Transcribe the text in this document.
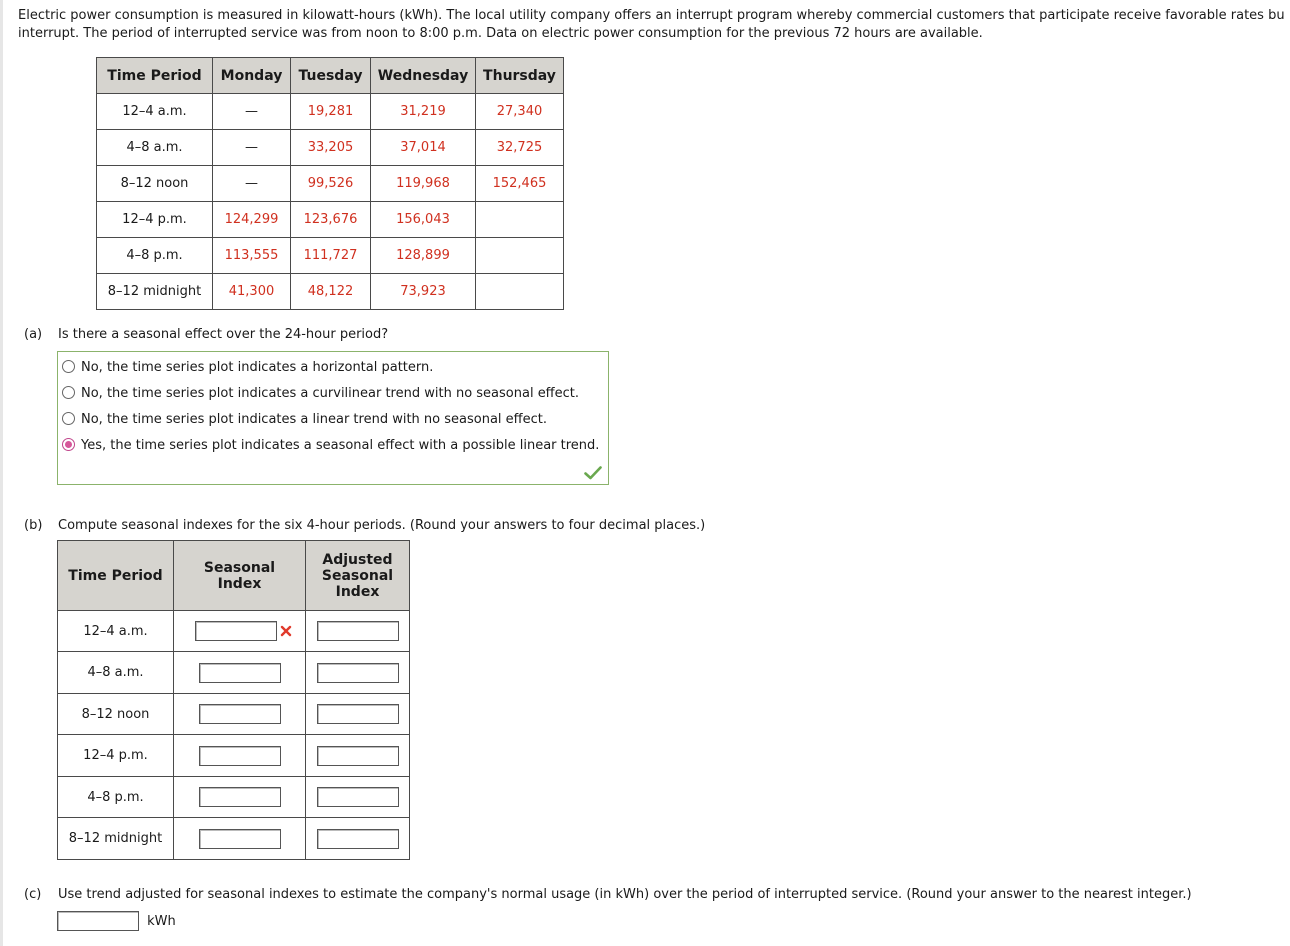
Electric power consumption is measured in kilowatt-hours (kWh). The local utility company offers an interrupt program whereby commercial customers that participate receive favorable rates bu
interrupt. The period of interrupted service was from noon to 8:00 p.m. Data on electric power consumption for the previous 72 hours are available.
Time Period	Monday	Tuesday	Wednesday	Thursday
12–4 a.m.	—	19,281	31,219	27,340
4–8 a.m.	—	33,205	37,014	32,725
8–12 noon	—	99,526	119,968	152,465
12–4 p.m.	124,299	123,676	156,043	
4–8 p.m.	113,555	111,727	128,899	
8–12 midnight	41,300	48,122	73,923	
(a) Is there a seasonal effect over the 24-hour period?
No, the time series plot indicates a horizontal pattern.
No, the time series plot indicates a curvilinear trend with no seasonal effect.
No, the time series plot indicates a linear trend with no seasonal effect.
Yes, the time series plot indicates a seasonal effect with a possible linear trend.
(b) Compute seasonal indexes for the six 4-hour periods. (Round your answers to four decimal places.)
Time Period	Seasonal Index	Adjusted Seasonal Index

12–4 a.m.		
4–8 a.m.		
8–12 noon		
12–4 p.m.		
4–8 p.m.		
8–12 midnight		
(c) Use trend adjusted for seasonal indexes to estimate the company's normal usage (in kWh) over the period of interrupted service. (Round your answer to the nearest integer.)
kWh
